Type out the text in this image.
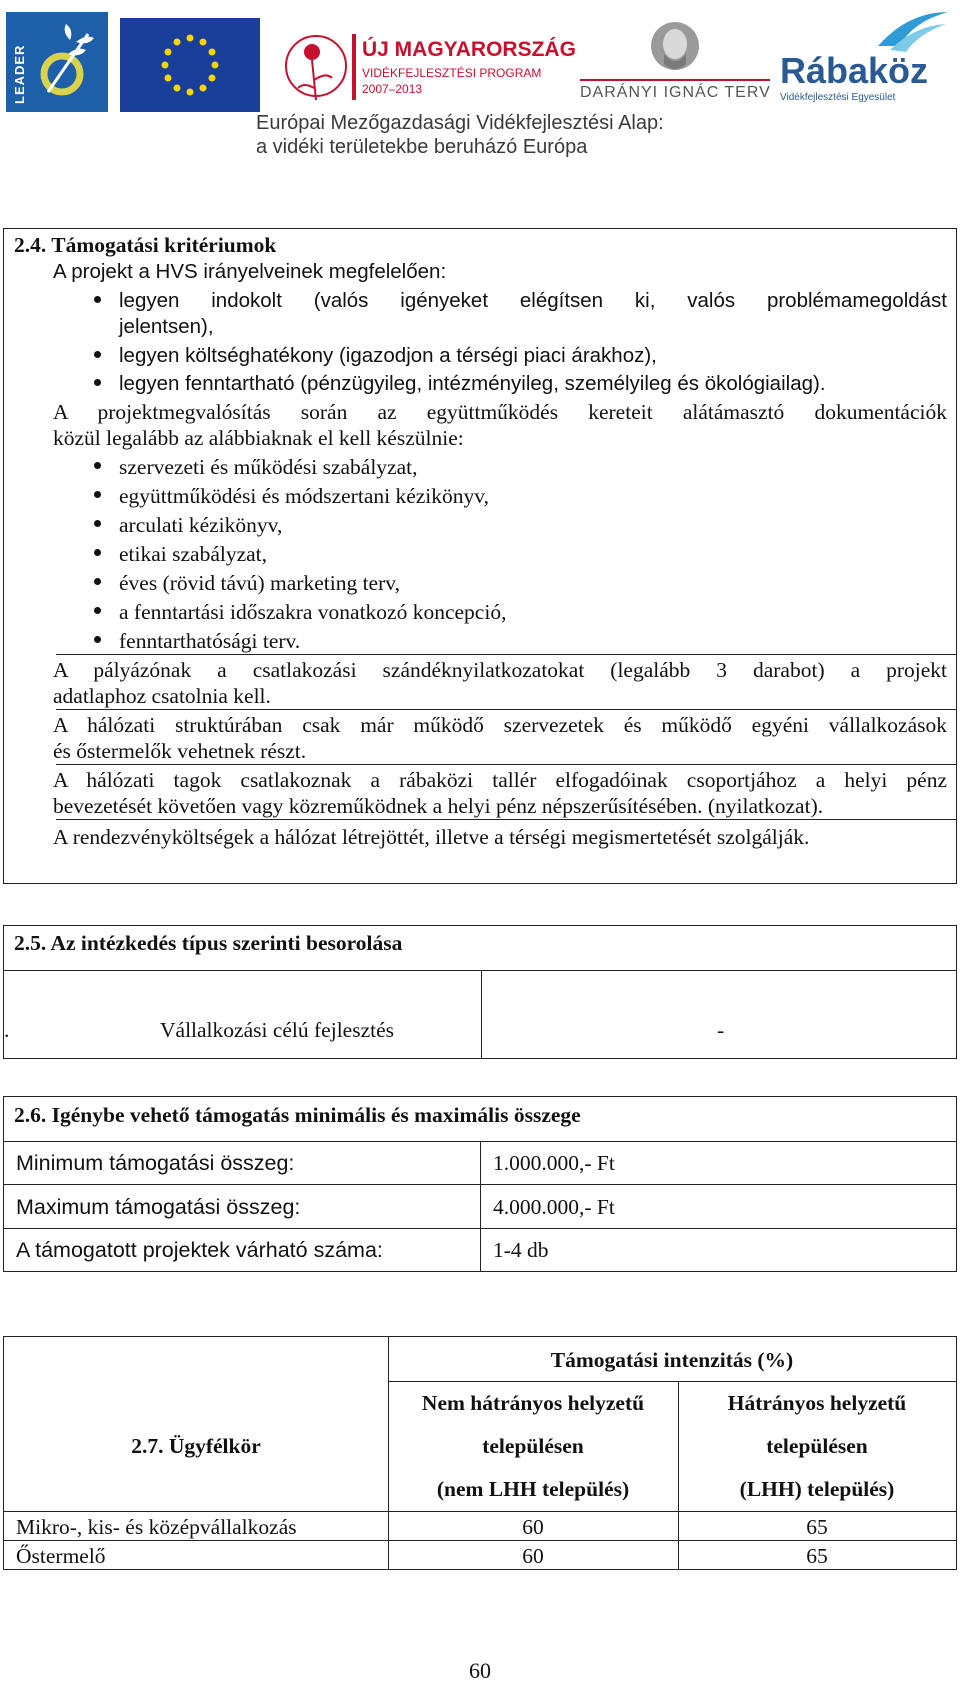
LEADER	ÚJ MAGYARORSZÁG
VIDÉKFEJLESZTÉSI PROGRAM
2007–2013	DARÁNYI IGNÁC TERV
Rábaköz
Vidékfejlesztési Egyesület
Európai Mezőgazdasági Vidékfejlesztési Alap:
a vidéki területekbe beruházó Európa
2.4. Támogatási kritériumok
A projekt a HVS irányelveinek megfelelően:
legyen indokolt (valós igényeket elégítsen ki, valós problémamegoldást
jelentsen),
legyen költséghatékony (igazodjon a térségi piaci árakhoz),
legyen fenntartható (pénzügyileg, intézményileg, személyileg és ökológiailag).
A projektmegvalósítás során az együttműködés kereteit alátámasztó dokumentációk
közül legalább az alábbiaknak el kell készülnie:
szervezeti és működési szabályzat,
együttműködési és módszertani kézikönyv,
arculati kézikönyv,
etikai szabályzat,
éves (rövid távú) marketing terv,
a fenntartási időszakra vonatkozó koncepció,
fenntarthatósági terv.
A pályázónak a csatlakozási szándéknyilatkozatokat (legalább 3 darabot) a projekt
adatlaphoz csatolnia kell.
A hálózati struktúrában csak már működő szervezetek és működő egyéni vállalkozások
és őstermelők vehetnek részt.
A hálózati tagok csatlakoznak a rábaközi tallér elfogadóinak csoportjához a helyi pénz
bevezetését követően vagy közreműködnek a helyi pénz népszerűsítésében. (nyilatkozat).
A rendezvényköltségek a hálózat létrejöttét, illetve a térségi megismertetését szolgálják.
2.5. Az intézkedés típus szerinti besorolása
.	Vállalkozási célú fejlesztés	-
2.6. Igénybe vehető támogatás minimális és maximális összege
Minimum támogatási összeg:	1.000.000,- Ft
Maximum támogatási összeg:	4.000.000,- Ft
A támogatott projektek várható száma:	1-4 db
2.7. Ügyfélkör
Támogatási intenzitás (%)
Nem hátrányos helyzetű
településen
(nem LHH település)
Hátrányos helyzetű
településen
(LHH) település)
Mikro-, kis- és középvállalkozás	60	65
Őstermelő	60	65
60
